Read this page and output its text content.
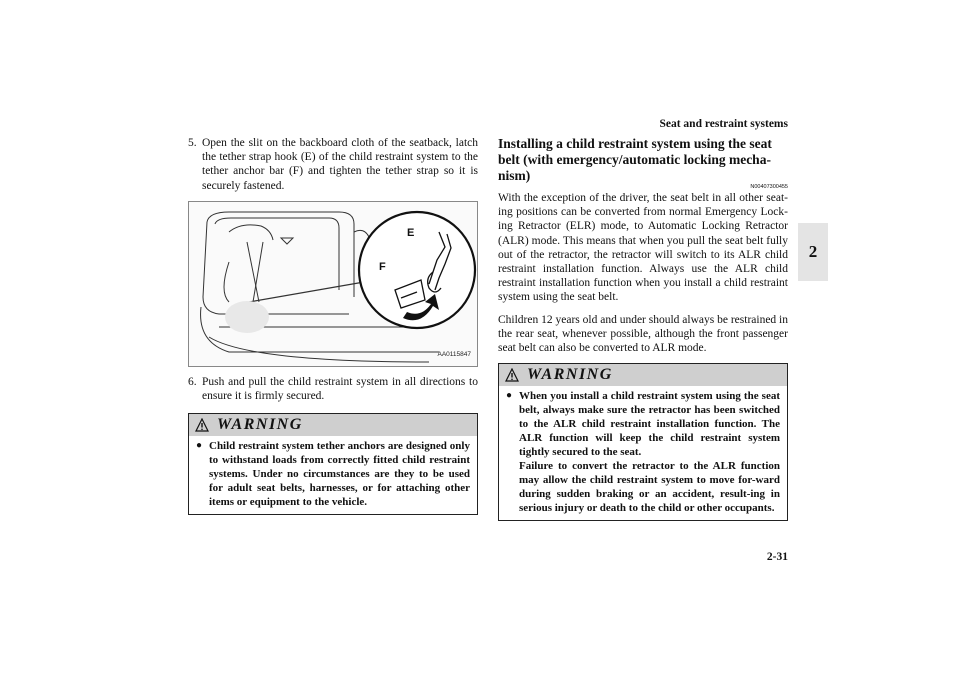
Seat and restraint systems
2
2-31
5. Open the slit on the backboard cloth of the seatback, latch the tether strap hook (E) of the child restraint system to the tether anchor bar (F) and tighten the tether strap so it is securely fastened.
E
F
AA0115847
6. Push and pull the child restraint system in all directions to ensure it is firmly secured.
WARNING
● Child restraint system tether anchors are designed only to withstand loads from correctly fitted child restraint systems. Under no circumstances are they to be used for adult seat belts, harnesses, or for attaching other items or equipment to the vehicle.
Installing a child restraint system using the seat belt (with emergency/automatic locking mecha-nism)
N00407300455

With the exception of the driver, the seat belt in all other seat-ing positions can be converted from normal Emergency Lock-ing Retractor (ELR) mode, to Automatic Locking Retractor (ALR) mode. This means that when you pull the seat belt fully out of the retractor, the retractor will switch to its ALR child restraint installation function. Always use the ALR child restraint installation function when you install a child restraint system using the seat belt.

Children 12 years old and under should always be restrained in the rear seat, whenever possible, although the front passenger seat belt can also be converted to ALR mode.

WARNING
● When you install a child restraint system using the seat belt, always make sure the retractor has been switched to the ALR child restraint installation function. The ALR function will keep the child restraint system tightly secured to the seat.
Failure to convert the retractor to the ALR function may allow the child restraint system to move for-ward during sudden braking or an accident, result-ing in serious injury or death to the child or other occupants.
